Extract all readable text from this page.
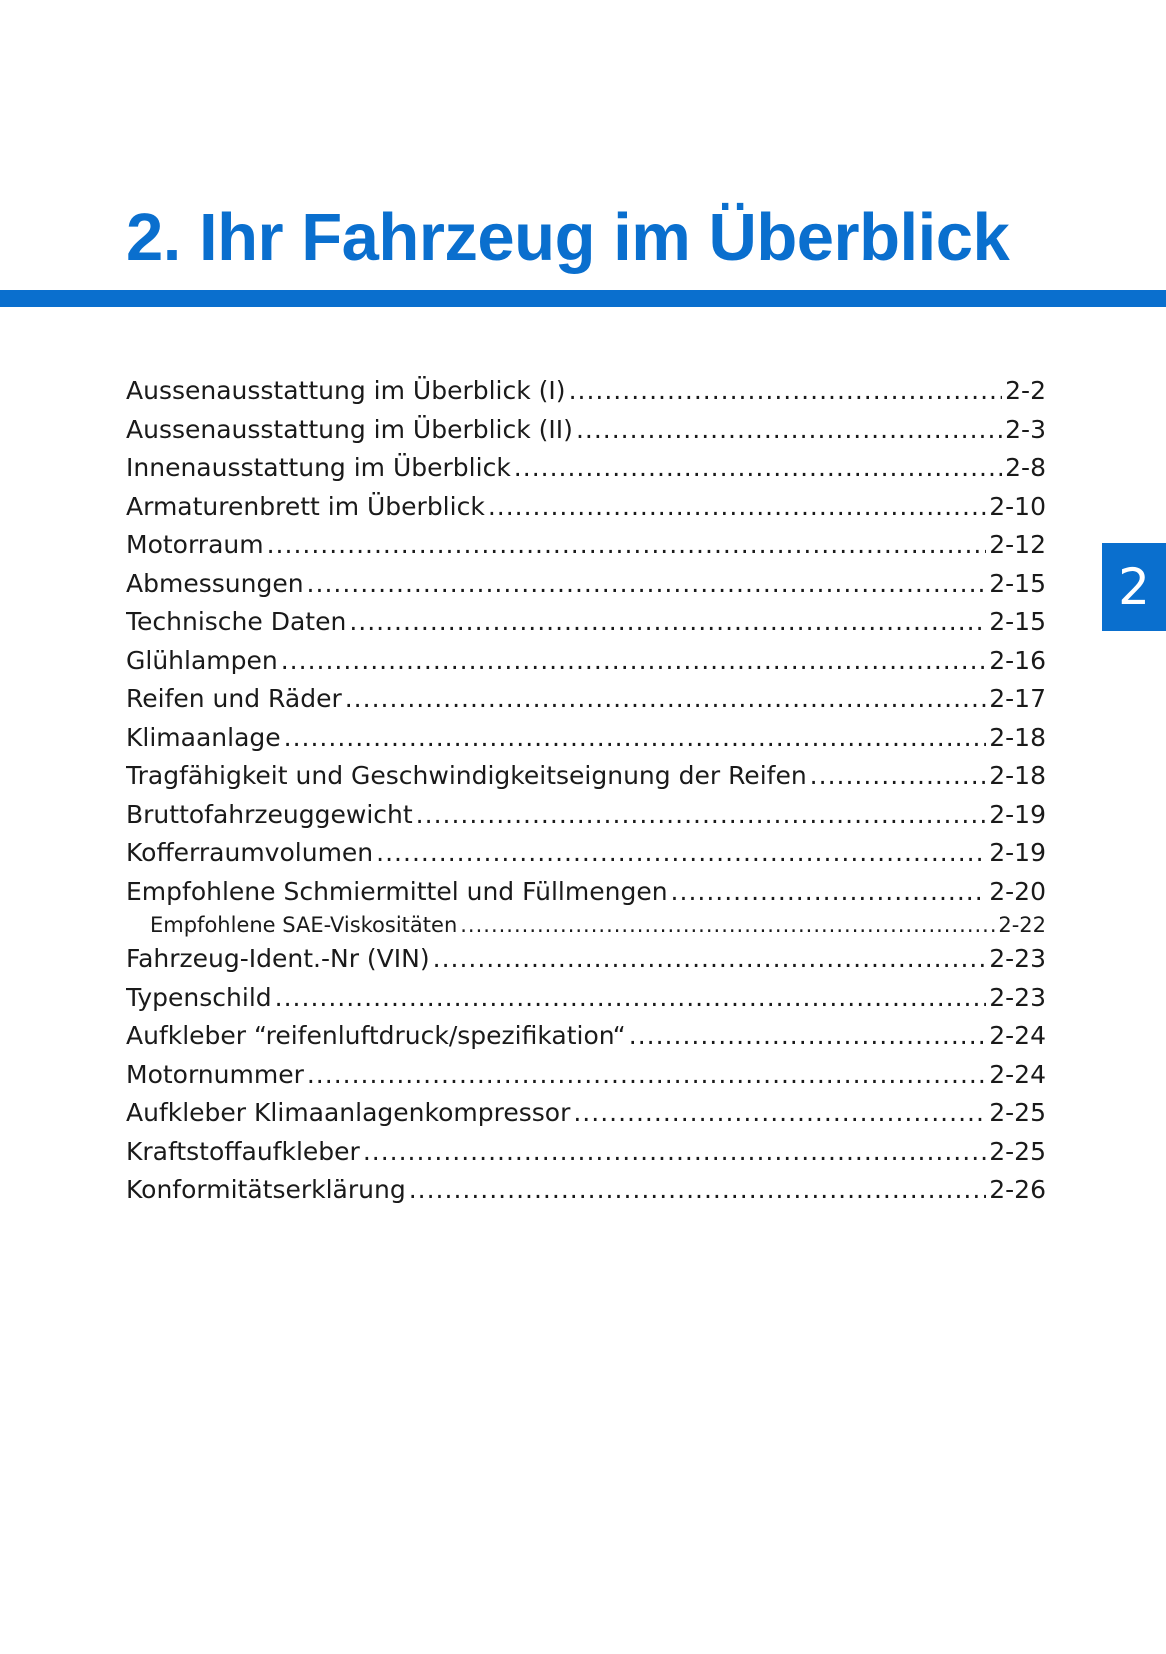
2. Ihr Fahrzeug im Überblick
2
Aussenausstattung im Überblick (I) .....	2-2
Aussenausstattung im Überblick (II) .....	2-3
Innenausstattung im Überblick .....	2-8
Armaturenbrett im Überblick .....	2-10
Motorraum .....	2-12
Abmessungen .....	2-15
Technische Daten .....	2-15
Glühlampen .....	2-16
Reifen und Räder .....	2-17
Klimaanlage .....	2-18
Tragfähigkeit und Geschwindigkeitseignung der Reifen .....	2-18
Bruttofahrzeuggewicht .....	2-19
Kofferraumvolumen .....	2-19
Empfohlene Schmiermittel und Füllmengen .....	2-20
Empfohlene SAE-Viskositäten .....	2-22
Fahrzeug-Ident.-Nr (VIN) .....	2-23
Typenschild .....	2-23
Aufkleber “reifenluftdruck/spezifikation“ .....	2-24
Motornummer .....	2-24
Aufkleber Klimaanlagenkompressor .....	2-25
Kraftstoffaufkleber .....	2-25
Konformitätserklärung .....	2-26
